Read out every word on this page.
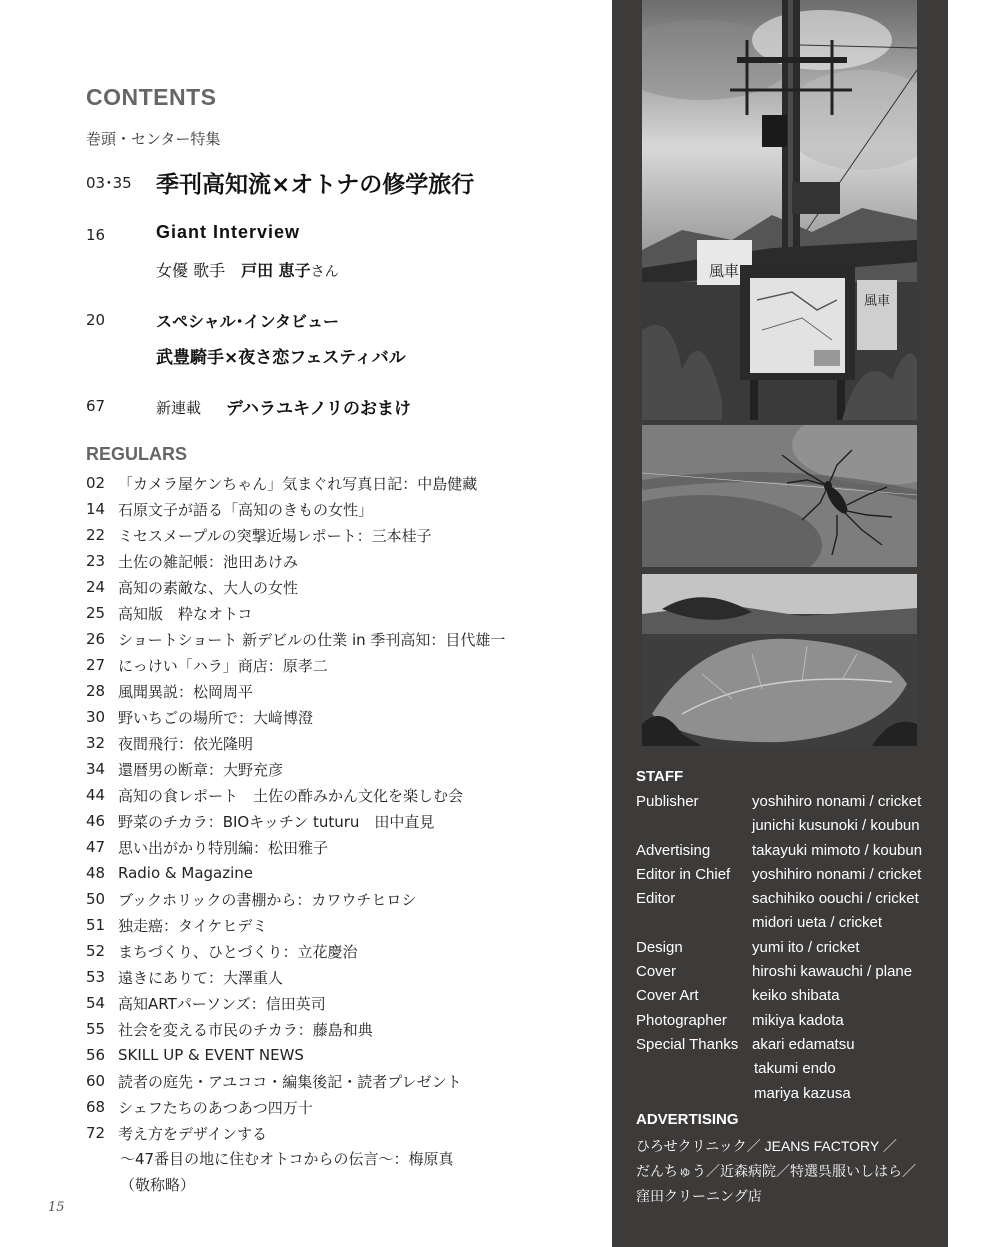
CONTENTS
巻頭・センター特集
03･35 季刊高知流×オトナの修学旅行
16	Giant Interview
女優 歌手　戸田 恵子さん
20	スペシャル･インタビュー
武豊騎手×夜さ恋フェスティバル
67	新連載 デハラユキノリのおまけ
REGULARS
02 「カメラ屋ケンちゃん」気まぐれ写真日記：中島健藏
14 石原文子が語る「高知のきもの女性」
22 ミセスメープルの突撃近場レポート：三本桂子
23 土佐の雑記帳：池田あけみ
24 高知の素敵な、大人の女性
25 高知版　粋なオトコ
26 ショートショート 新デビルの仕業 in 季刊高知：目代雄一
27 にっけい「ハラ」商店：原孝二
28 風聞異説：松岡周平
30 野いちごの場所で：大﨑博澄
32 夜間飛行：依光隆明
34 還暦男の断章：大野充彦
44 高知の食レポート　土佐の酢みかん文化を楽しむ会
46 野菜のチカラ：BIOキッチン tuturu　田中直見
47 思い出がかり特別編：松田雅子
48 Radio & Magazine
50 ブックホリックの書棚から：カワウチヒロシ
51 独走癌：タイケヒデミ
52 まちづくり、ひとづくり：立花慶治
53 遠きにありて：大澤重人
54 高知ARTパーソンズ：信田英司
55 社会を変える市民のチカラ：藤島和典
56 SKILL UP & EVENT NEWS
60 読者の庭先・アユココ・編集後記・読者プレゼント
68 シェフたちのあつあつ四万十
72 考え方をデザインする
～47番目の地に住むオトコからの伝言～：梅原真
（敬称略）
15
風車
風車
STAFF
Publisher	yoshihiro nonami / cricket
junichi kusunoki / koubun
Advertising	takayuki mimoto / koubun
Editor in Chief yoshihiro nonami / cricket
Editor	sachihiko oouchi / cricket
midori ueta / cricket
Design	yumi ito / cricket
Cover	hiroshi kawauchi / plane
Cover Art	keiko shibata
Photographer mikiya kadota
Special Thanks akari edamatsu
takumi endo
mariya kazusa
ADVERTISING
ひろせクリニック／ JEANS FACTORY ／
だんちゅう／近森病院／特選呉服いしはら／
窪田クリーニング店
